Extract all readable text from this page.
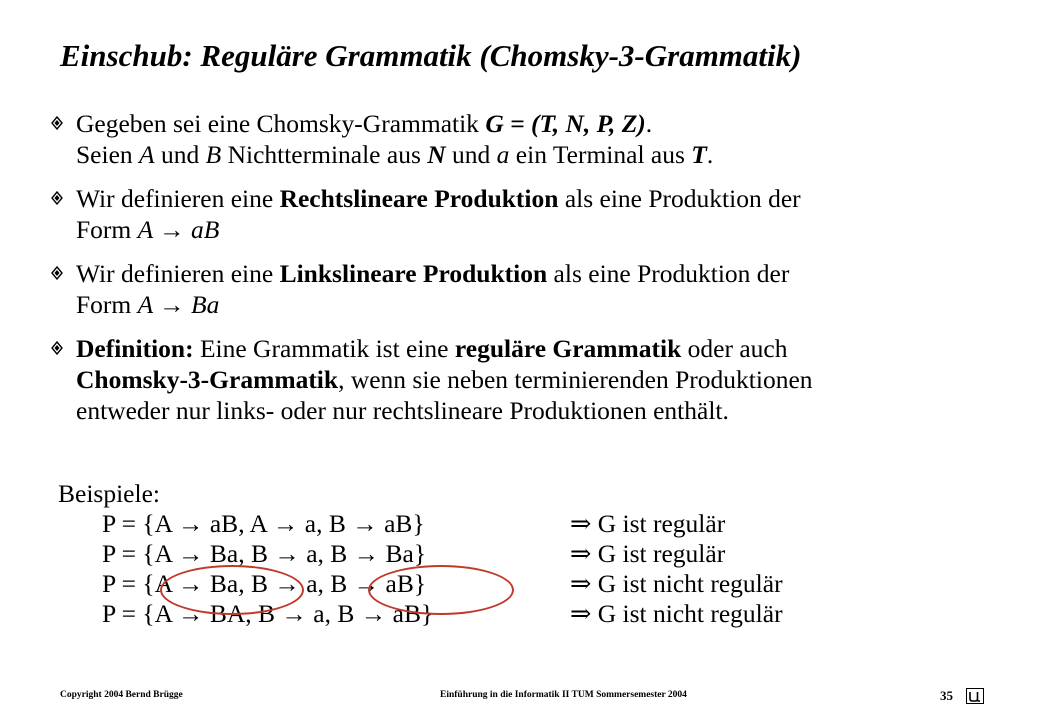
Einschub: Reguläre Grammatik (Chomsky-3-Grammatik)
Gegeben sei eine Chomsky-Grammatik G = (T, N, P, Z).
Seien A und B Nichtterminale aus N und a ein Terminal aus T.
Wir definieren eine Rechtslineare Produktion als eine Produktion der
Form A → aB
Wir definieren eine Linkslineare Produktion als eine Produktion der
Form A → Ba
Definition: Eine Grammatik ist eine reguläre Grammatik oder auch
Chomsky-3-Grammatik, wenn sie neben terminierenden Produktionen
entweder nur links- oder nur rechtslineare Produktionen enthält.
Beispiele:
P = {A → aB, A → a, B → aB}	⇒ G ist regulär
P = {A → Ba, B → a, B → Ba}	⇒ G ist regulär
P = {A → Ba, B → a, B → aB}	⇒ G ist nicht regulär
P = {A → BA, B → a, B → aB}	⇒ G ist nicht regulär
Copyright 2004 Bernd Brügge	Einführung in die Informatik II TUM Sommersemester 2004	35
